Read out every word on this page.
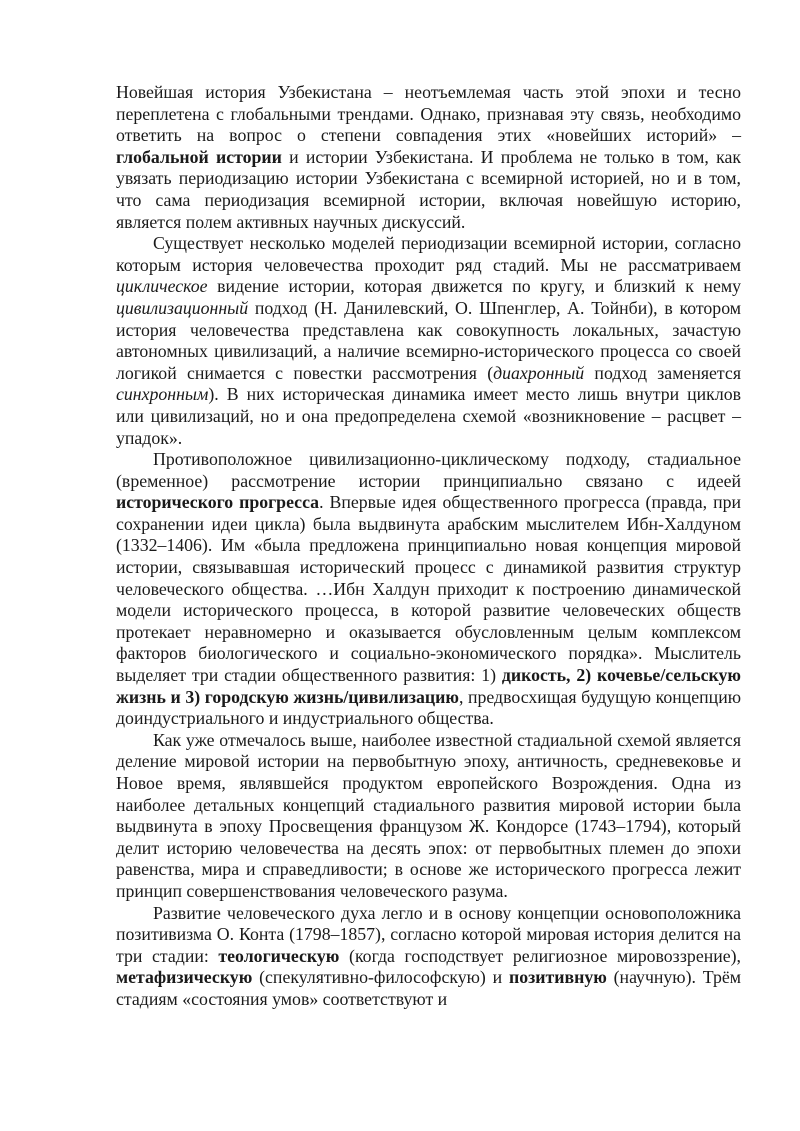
Новейшая история Узбекистана – неотъемлемая часть этой эпохи и тесно переплетена с глобальными трендами. Однако, признавая эту связь, необходимо ответить на вопрос о степени совпадения этих «новейших историй» – глобальной истории и истории Узбекистана. И проблема не только в том, как увязать периодизацию истории Узбекистана с всемирной историей, но и в том, что сама периодизация всемирной истории, включая новейшую историю, является полем активных научных дискуссий.

Существует несколько моделей периодизации всемирной истории, согласно которым история человечества проходит ряд стадий. Мы не рассматриваем циклическое видение истории, которая движется по кругу, и близкий к нему цивилизационный подход (Н. Данилевский, О. Шпенглер, А. Тойнби), в котором история человечества представлена как совокупность локальных, зачастую автономных цивилизаций, а наличие всемирно-исторического процесса со своей логикой снимается с повестки рассмотрения (диахронный подход заменяется синхронным). В них историческая динамика имеет место лишь внутри циклов или цивилизаций, но и она предопределена схемой «возникновение – расцвет – упадок».

Противоположное цивилизационно-циклическому подходу, стадиальное (временное) рассмотрение истории принципиально связано с идеей исторического прогресса. Впервые идея общественного прогресса (правда, при сохранении идеи цикла) была выдвинута арабским мыслителем Ибн-Халдуном (1332–1406). Им «была предложена принципиально новая концепция мировой истории, связывавшая исторический процесс с динамикой развития структур человеческого общества. …Ибн Халдун приходит к построению динамической модели исторического процесса, в которой развитие человеческих обществ протекает неравномерно и оказывается обусловленным целым комплексом факторов биологического и социально-экономического порядка». Мыслитель выделяет три стадии общественного развития: 1) дикость, 2) кочевье/сельскую жизнь и 3) городскую жизнь/цивилизацию, предвосхищая будущую концепцию доиндустриального и индустриального общества.

Как уже отмечалось выше, наиболее известной стадиальной схемой является деление мировой истории на первобытную эпоху, античность, средневековье и Новое время, являвшейся продуктом европейского Возрождения. Одна из наиболее детальных концепций стадиального развития мировой истории была выдвинута в эпоху Просвещения французом Ж. Кондорсе (1743–1794), который делит историю человечества на десять эпох: от первобытных племен до эпохи равенства, мира и справедливости; в основе же исторического прогресса лежит принцип совершенствования человеческого разума.

Развитие человеческого духа легло и в основу концепции основоположника позитивизма О. Конта (1798–1857), согласно которой мировая история делится на три стадии: теологическую (когда господствует религиозное мировоззрение), метафизическую (спекулятивно-философскую) и позитивную (научную). Трём стадиям «состояния умов» соответствуют и
